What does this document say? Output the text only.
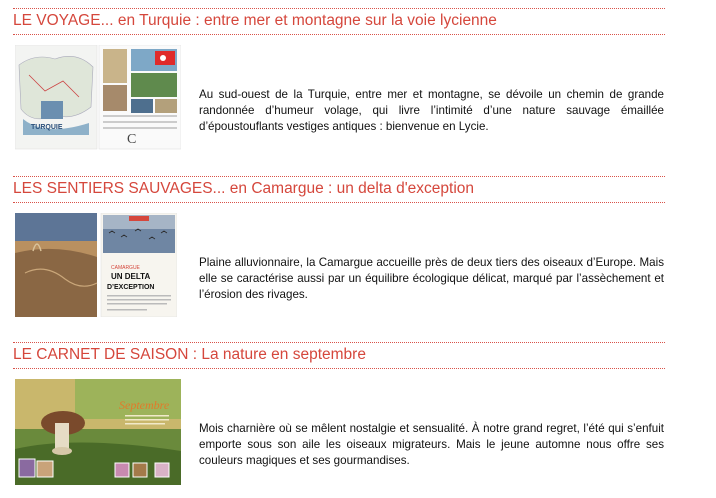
LE VOYAGE... en Turquie : entre mer et montagne sur la voie lycienne
TURQUIE
C
Au sud-ouest de la Turquie, entre mer et montagne, se dévoile un chemin de grande randonnée d’humeur volage, qui livre l’intimité d’une nature sauvage émaillée d’époustouflants vestiges antiques : bienvenue en Lycie.
LES SENTIERS SAUVAGES... en Camargue : un delta d'exception
CAMARGUE
UN DELTA
D’EXCEPTION
Plaine alluvionnaire, la Camargue accueille près de deux tiers des oiseaux d’Europe. Mais elle se caractérise aussi par un équilibre écologique délicat, marqué par l’assèchement et l’érosion des rivages.
LE CARNET DE SAISON : La nature en septembre
Septembre
Mois charnière où se mêlent nostalgie et sensualité. À notre grand regret, l’été qui s’enfuit emporte sous son aile les oiseaux migrateurs. Mais le jeune automne nous offre ses couleurs magiques et ses gourmandises.
